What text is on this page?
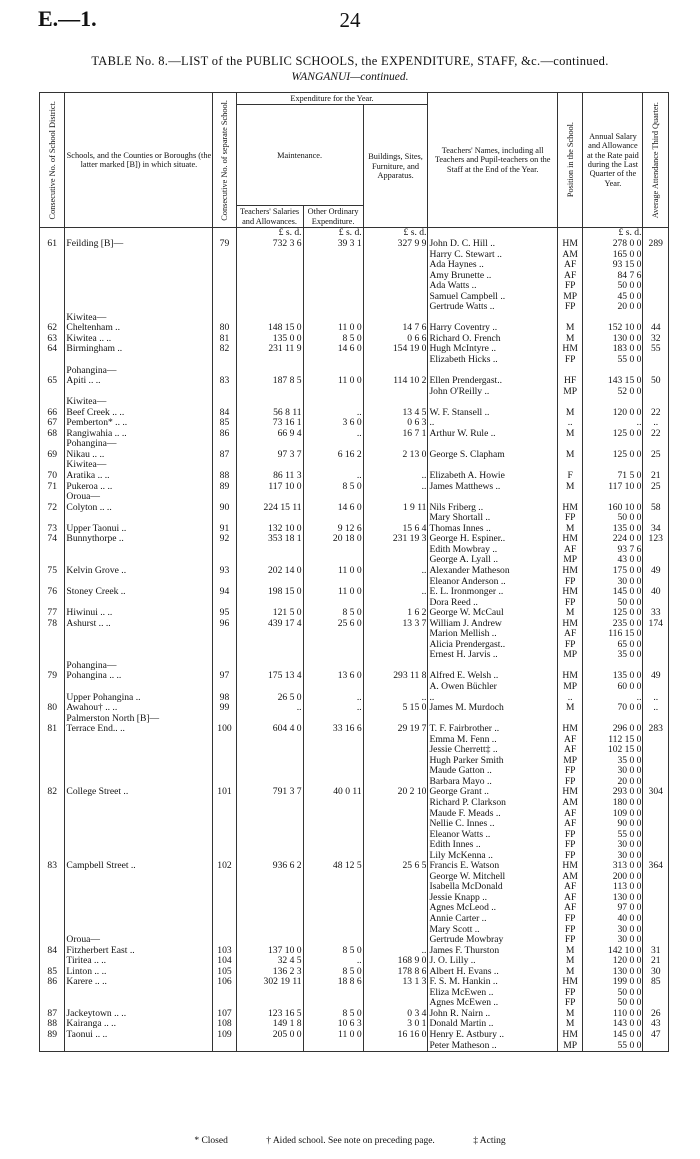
E.—1.	24
TABLE No. 8.—LIST of the PUBLIC SCHOOLS, the EXPENDITURE, STAFF, &c.—continued.
WANGANUI—continued.
Consecutive No. of School District.	Schools, and the Counties or Boroughs (the latter marked [B]) in which situate.	Consecutive No. of separate School.	Expenditure for the Year.			Teachers' Names, including all Teachers and Pupil-teachers on the Staff at the End of the Year.	Position in the School.	Annual Salary and Allowance at the Rate paid during the Last Quarter of the Year.	Average Attendance Third Quarter.

			Maintenance.		Buildings, Sites, Furniture, and Apparatus.				
			Teachers' Salaries and Allowances.	Other Ordinary Expenditure.					
			£ s. d.	£ s. d.	£ s. d.			£ s. d.	
61	Feilding [B]—	79	732 3 6	39 3 1	327 9 9	John D. C. Hill ..	HM	278 0 0	289
						Harry C. Stewart ..	AM	165 0 0	
						Ada Haynes ..	AF	93 15 0	
						Amy Brunette ..	AF	84 7 6	
						Ada Watts ..	FP	50 0 0	
						Samuel Campbell ..	MP	45 0 0	
						Gertrude Watts ..	FP	20 0 0	
	Kiwitea—								
62	Cheltenham ..	80	148 15 0	11 0 0	14 7 6	Harry Coventry ..	M	152 10 0	44
63	Kiwitea .. ..	81	135 0 0	8 5 0	0 6 6	Richard O. French	M	130 0 0	32
64	Birmingham ..	82	231 11 9	14 6 0	154 19 0	Hugh McIntyre ..	HM	183 0 0	55
						Elizabeth Hicks ..	FP	55 0 0	
	Pohangina—								
65	Apiti .. ..	83	187 8 5	11 0 0	114 10 2	Ellen Prendergast..	HF	143 15 0	50
						John O'Reilly ..	MP	52 0 0	
	Kiwitea—								
66	Beef Creek .. ..	84	56 8 11	..	13 4 5	W. F. Stansell ..	M	120 0 0	22
67	Pemberton* .. ..	85	73 16 1	3 6 0	0 6 3	..	..	..	..
68	Rangiwahia .. ..	86	66 9 4	..	16 7 1	Arthur W. Rule ..	M	125 0 0	22
	Pohangina—								
69	Nikau .. ..	87	97 3 7	6 16 2	2 13 0	George S. Clapham	M	125 0 0	25
	Kiwitea—								
70	Aratika .. ..	88	86 11 3	..	..	Elizabeth A. Howie	F	71 5 0	21
71	Pukeroa .. ..	89	117 10 0	8 5 0	..	James Matthews ..	M	117 10 0	25
	Oroua—								
72	Colyton .. ..	90	224 15 11	14 6 0	1 9 11	Nils Friberg ..	HM	160 10 0	58
						Mary Shortall ..	FP	50 0 0	
73	Upper Taonui ..	91	132 10 0	9 12 6	15 6 4	Thomas Innes ..	M	135 0 0	34
74	Bunnythorpe ..	92	353 18 1	20 18 0	231 19 3	George H. Espiner..	HM	224 0 0	123
						Edith Mowbray ..	AF	93 7 6	
						George A. Lyall ..	MP	43 0 0	
75	Kelvin Grove ..	93	202 14 0	11 0 0	..	Alexander Matheson	HM	175 0 0	49
						Eleanor Anderson ..	FP	30 0 0	
76	Stoney Creek ..	94	198 15 0	11 0 0	..	E. L. Ironmonger ..	HM	145 0 0	40
						Dora Reed ..	FP	50 0 0	
77	Hiwinui .. ..	95	121 5 0	8 5 0	1 6 2	George W. McCaul	M	125 0 0	33
78	Ashurst .. ..	96	439 17 4	25 6 0	13 3 7	William J. Andrew	HM	235 0 0	174
						Marion Mellish ..	AF	116 15 0	
						Alicia Prendergast..	FP	65 0 0	
						Ernest H. Jarvis ..	MP	35 0 0	
	Pohangina—								
79	Pohangina .. ..	97	175 13 4	13 6 0	293 11 8	Alfred E. Welsh ..	HM	135 0 0	49
						A. Owen Büchler	MP	60 0 0	
	Upper Pohangina ..	98	26 5 0	..	..	..	..	..	..
80	Awahou† .. ..	99	..	..	5 15 0	James M. Murdoch	M	70 0 0	..
	Palmerston North [B]—								
81	Terrace End.. ..	100	604 4 0	33 16 6	29 19 7	T. F. Fairbrother ..	HM	296 0 0	283
						Emma M. Fenn ..	AF	112 15 0	
						Jessie Cherrett‡ ..	AF	102 15 0	
						Hugh Parker Smith	MP	35 0 0	
						Maude Gatton ..	FP	30 0 0	
						Barbara Mayo ..	FP	20 0 0	
82	College Street ..	101	791 3 7	40 0 11	20 2 10	George Grant ..	HM	293 0 0	304
						Richard P. Clarkson	AM	180 0 0	
						Maude F. Meads ..	AF	109 0 0	
						Nellie C. Innes ..	AF	90 0 0	
						Eleanor Watts ..	FP	55 0 0	
						Edith Innes ..	FP	30 0 0	
						Lily McKenna ..	FP	30 0 0	
83	Campbell Street ..	102	936 6 2	48 12 5	25 6 5	Francis E. Watson	HM	313 0 0	364
						George W. Mitchell	AM	200 0 0	
						Isabella McDonald	AF	113 0 0	
						Jessie Knapp ..	AF	130 0 0	
						Agnes McLeod ..	AF	97 0 0	
						Annie Carter ..	FP	40 0 0	
						Mary Scott ..	FP	30 0 0	
	Oroua—					Gertrude Mowbray	FP	30 0 0	
84	Fitzherbert East ..	103	137 10 0	8 5 0	..	James F. Thurston	M	142 10 0	31
	Tiritea .. ..	104	32 4 5	..	168 9 0	J. O. Lilly ..	M	120 0 0	21
85	Linton .. ..	105	136 2 3	8 5 0	178 8 6	Albert H. Evans ..	M	130 0 0	30
86	Karere .. ..	106	302 19 11	18 8 6	13 1 3	F. S. M. Hankin ..	HM	199 0 0	85
						Eliza McEwen ..	FP	50 0 0	
						Agnes McEwen ..	FP	50 0 0	
87	Jackeytown .. ..	107	123 16 5	8 5 0	0 3 4	John R. Nairn ..	M	110 0 0	26
88	Kairanga .. ..	108	149 1 8	10 6 3	3 0 1	Donald Martin ..	M	143 0 0	43
89	Taonui .. ..	109	205 0 0	11 0 0	16 16 0	Henry E. Astbury ..	HM	145 0 0	47
						Peter Matheson ..	MP	55 0 0	
* Closed	† Aided school. See note on preceding page.	‡ Acting
